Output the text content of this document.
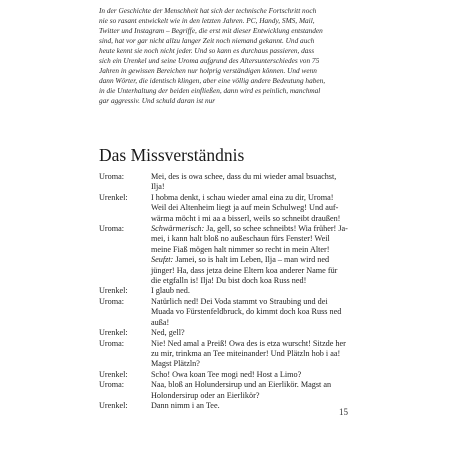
In der Geschichte der Menschheit hat sich der technische Fortschritt noch
nie so rasant entwickelt wie in den letzten Jahren. PC, Handy, SMS, Mail,
Twitter und Instagram – Begriffe, die erst mit dieser Entwicklung entstanden
sind, hat vor gar nicht allzu langer Zeit noch niemand gekannt. Und auch
heute kennt sie noch nicht jeder. Und so kann es durchaus passieren, dass
sich ein Urenkel und seine Uroma aufgrund des Altersunterschiedes von 75
Jahren in gewissen Bereichen nur holprig verständigen können. Und wenn
dann Wörter, die identisch klingen, aber eine völlig andere Bedeutung haben,
in die Unterhaltung der beiden einfließen, dann wird es peinlich, manchmal
gar aggressiv. Und schuld daran ist nur
Das Missverständnis
Uroma:	Mei, des is owa schee, dass du mi wieder amal bsuachst,
Ilja!
Urenkel:	I hobma denkt, i schau wieder amal eina zu dir, Uroma!
Weil dei Altenheim liegt ja auf mein Schulweg! Und auf-
wärma möcht i mi aa a bisserl, weils so schneibt draußen!
Uroma:	Schwärmerisch: Ja, gell, so schee schneibts! Wia früher! Ja-
mei, i kann halt bloß no außeschaun fürs Fenster! Weil
meine Fiaß mögen halt nimmer so recht in mein Alter!
Seufzt: Jamei, so is halt im Leben, Ilja – man wird ned
jünger! Ha, dass jetza deine Eltern koa anderer Name für
die etgfalln is! Ilja! Du bist doch koa Russ ned!
Urenkel:	I glaub ned.
Uroma:	Natürlich ned! Dei Voda stammt vo Straubing und dei
Muada vo Fürstenfeldbruck, do kimmt doch koa Russ ned
außa!
Urenkel:	Ned, gell?
Uroma:	Nie! Ned amal a Preiß! Owa des is etza wurscht! Sitzde her
zu mir, trinkma an Tee miteinander! Und Plätzln hob i aa!
Magst Plätzln?
Urenkel:	Scho! Owa koan Tee mogi ned! Host a Limo?
Uroma:	Naa, bloß an Holundersirup und an Eierlikör. Magst an
Holondersirup oder an Eierlikör?
Urenkel:	Dann nimm i an Tee.
15
